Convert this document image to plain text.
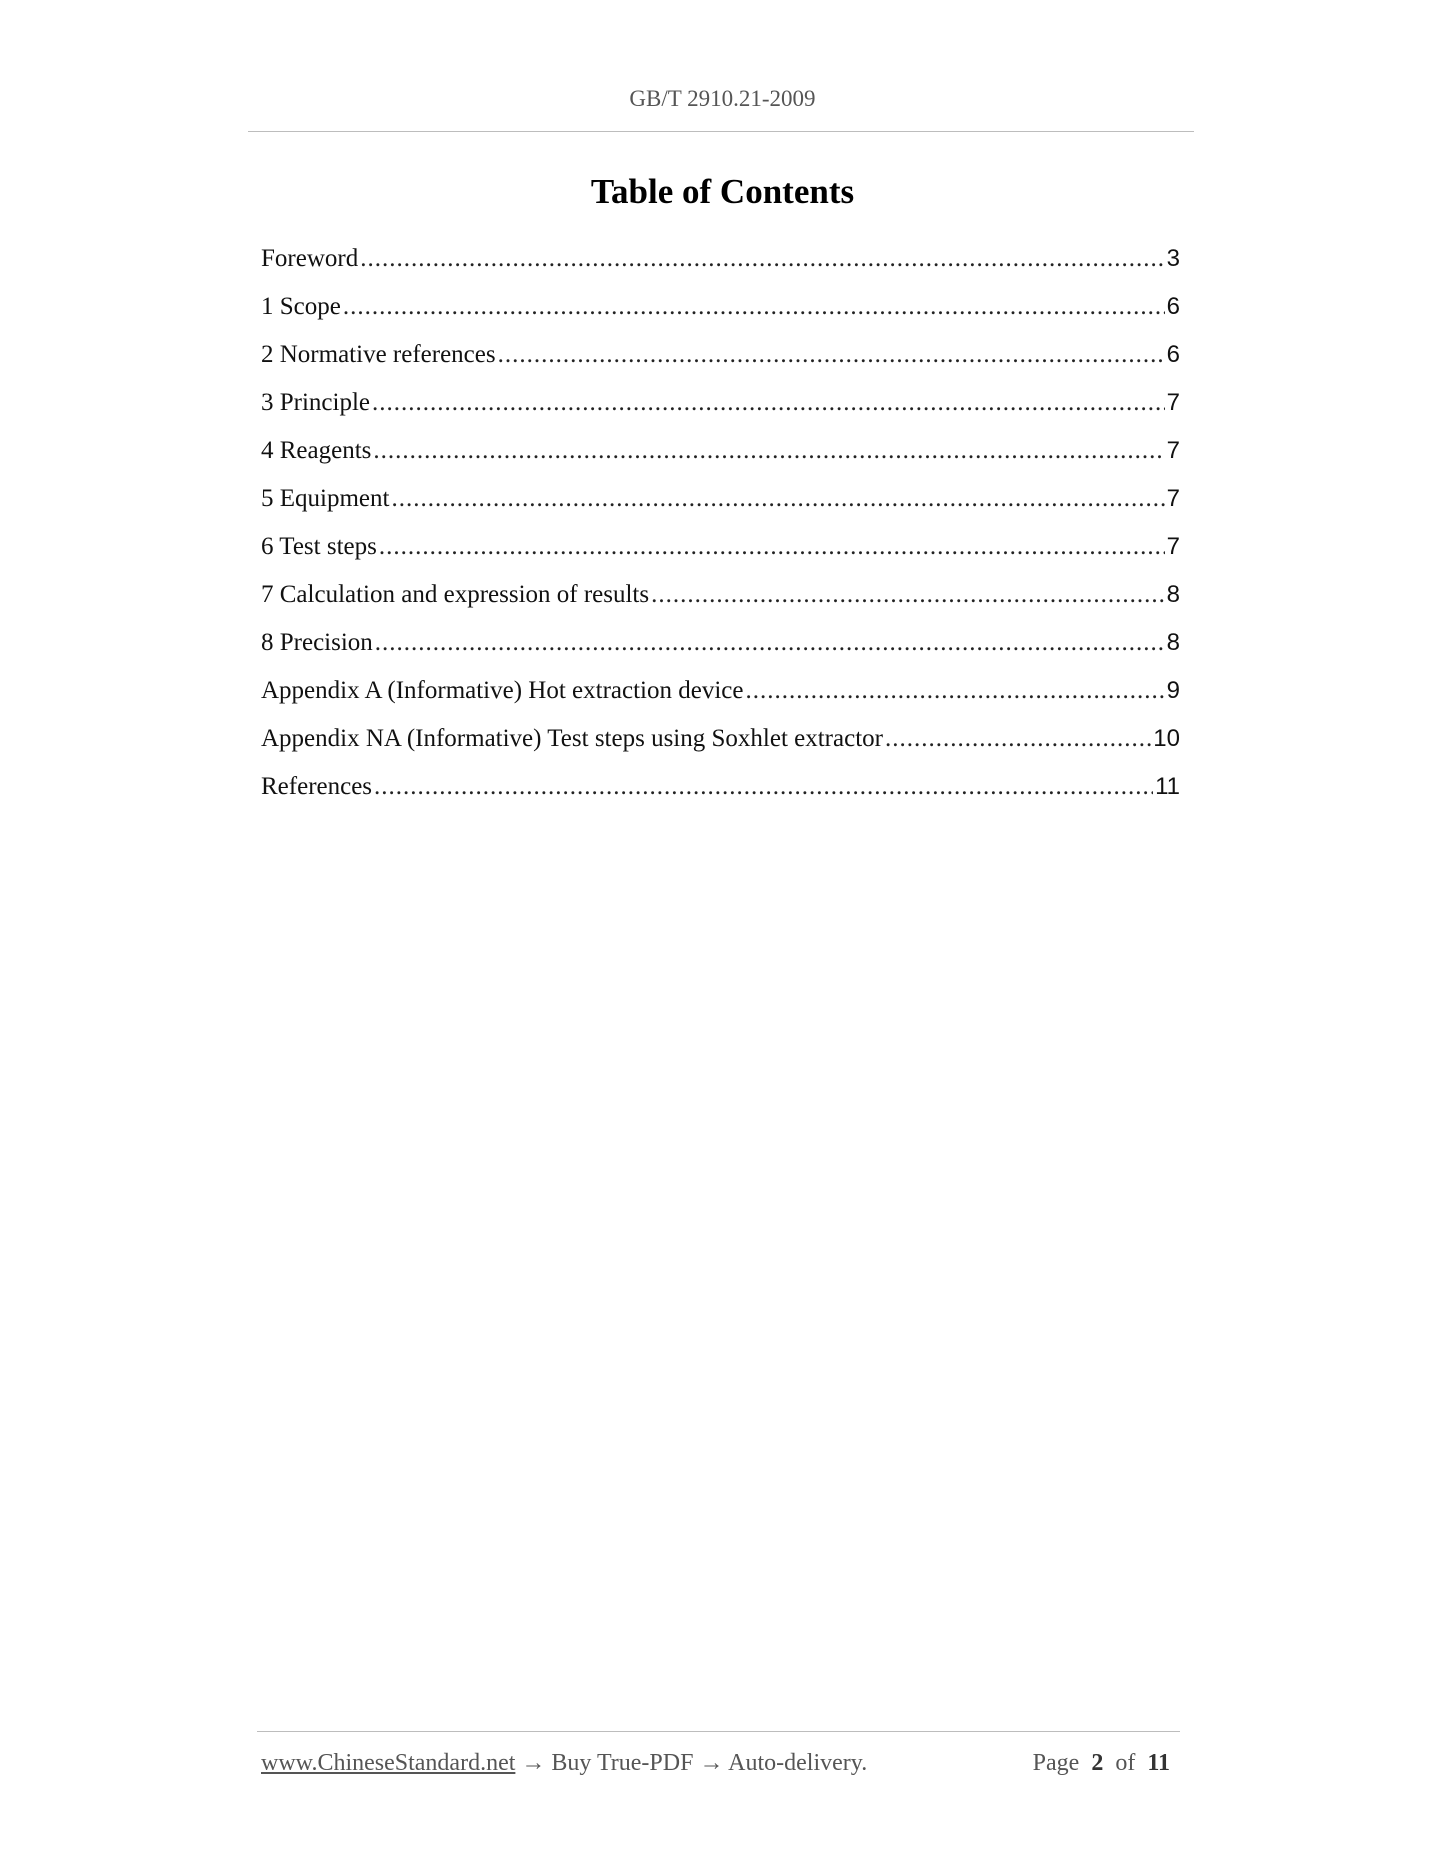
GB/T 2910.21-2009
Table of Contents
Foreword .....	3
1 Scope .....	6
2 Normative references .....	6
3 Principle .....	7
4 Reagents .....	7
5 Equipment .....	7
6 Test steps .....	7
7 Calculation and expression of results .....	8
8 Precision .....	8
Appendix A (Informative) Hot extraction device .....	9
Appendix NA (Informative) Test steps using Soxhlet extractor .....	10
References .....	11
www.ChineseStandard.net → Buy True-PDF → Auto-delivery.	Page 2 of 11
